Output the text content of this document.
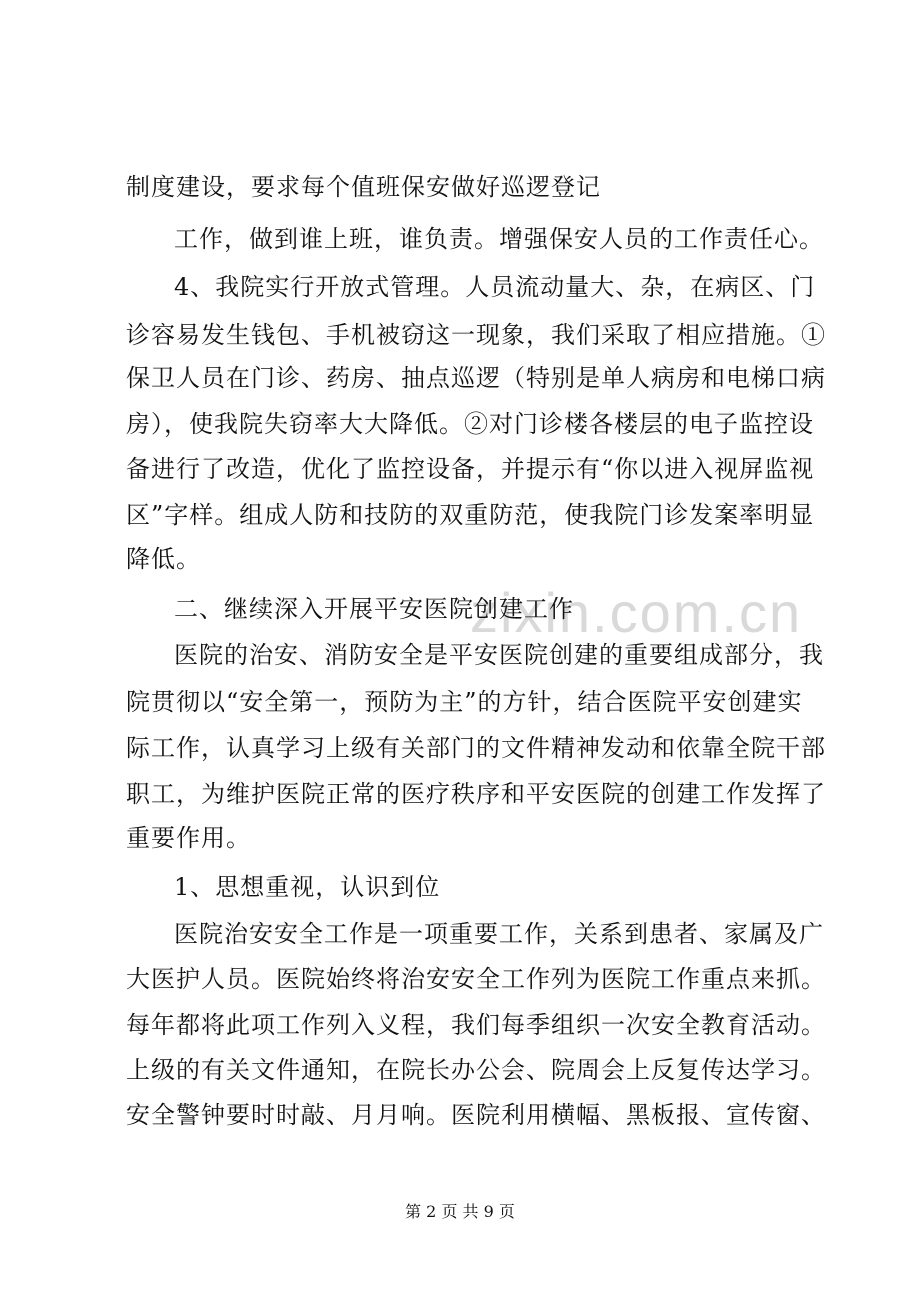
zixin.com.cn
制度建设，要求每个值班保安做好巡逻登记
工作，做到谁上班，谁负责。增强保安人员的工作责任心。
4、我院实行开放式管理。人员流动量大、杂，在病区、门
诊容易发生钱包、手机被窃这一现象，我们采取了相应措施。①
保卫人员在门诊、药房、抽点巡逻（特别是单人病房和电梯口病
房），使我院失窃率大大降低。②对门诊楼各楼层的电子监控设
备进行了改造，优化了监控设备，并提示有“你以进入视屏监视
区”字样。组成人防和技防的双重防范，使我院门诊发案率明显
降低。
二、继续深入开展平安医院创建工作
医院的治安、消防安全是平安医院创建的重要组成部分，我
院贯彻以“安全第一，预防为主”的方针，结合医院平安创建实
际工作，认真学习上级有关部门的文件精神发动和依靠全院干部
职工，为维护医院正常的医疗秩序和平安医院的创建工作发挥了
重要作用。
1、思想重视，认识到位
医院治安安全工作是一项重要工作，关系到患者、家属及广
大医护人员。医院始终将治安安全工作列为医院工作重点来抓。
每年都将此项工作列入义程，我们每季组织一次安全教育活动。
上级的有关文件通知，在院长办公会、院周会上反复传达学习。
安全警钟要时时敲、月月响。医院利用横幅、黑板报、宣传窗、
第 2 页 共 9 页
